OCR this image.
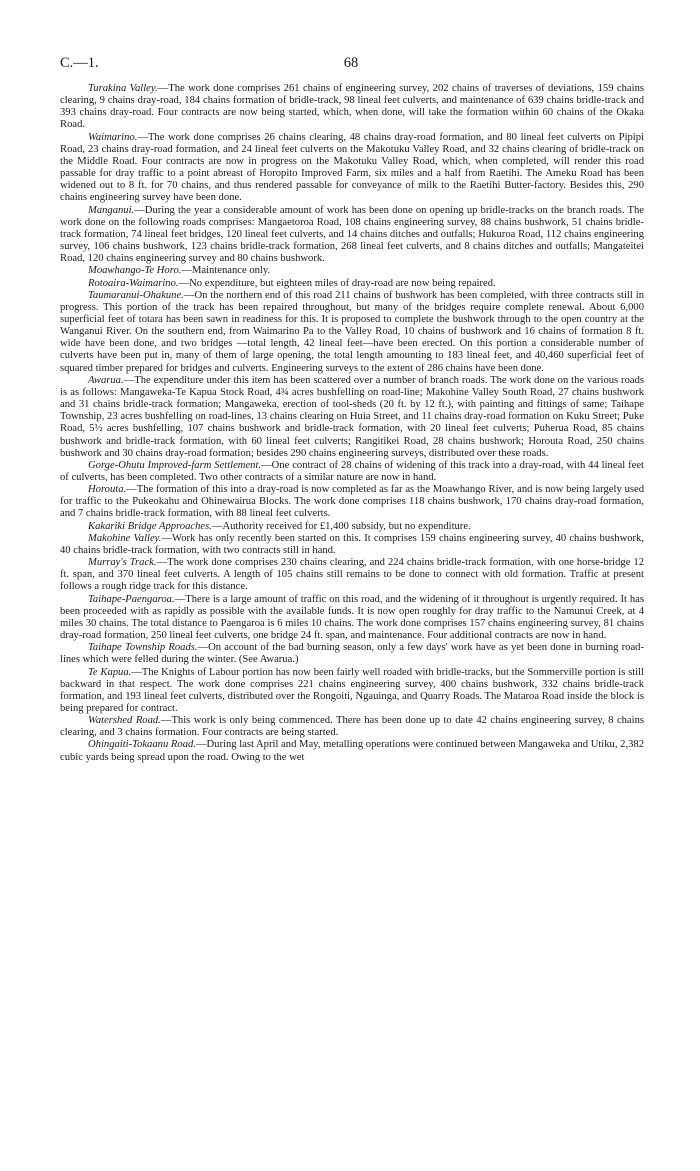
C.—1.	68

Turakina Valley.—The work done comprises 261 chains of engineering survey, 202 chains of traverses of deviations, 159 chains clearing, 9 chains dray-road, 184 chains formation of bridle-track, 98 lineal feet culverts, and maintenance of 639 chains bridle-track and 393 chains dray-road. Four contracts are now being started, which, when done, will take the formation within 60 chains of the Okaka Road.

Waimarino.—The work done comprises 26 chains clearing, 48 chains dray-road formation, and 80 lineal feet culverts on Pipipi Road, 23 chains dray-road formation, and 24 lineal feet culverts on the Makotuku Valley Road, and 32 chains clearing of bridle-track on the Middle Road. Four contracts are now in progress on the Makotuku Valley Road, which, when completed, will render this road passable for dray traffic to a point abreast of Horopito Improved Farm, six miles and a half from Raetihi. The Ameku Road has been widened out to 8 ft. for 70 chains, and thus rendered passable for conveyance of milk to the Raetihi Butter-factory. Besides this, 290 chains engineering survey have been done.

Manganui.—During the year a considerable amount of work has been done on opening up bridle-tracks on the branch roads. The work done on the following roads comprises: Mangaetoroa Road, 108 chains engineering survey, 88 chains bushwork, 51 chains bridle-track formation, 74 lineal feet bridges, 120 lineal feet culverts, and 14 chains ditches and outfalls; Hukuroa Road, 112 chains engineering survey, 106 chains bushwork, 123 chains bridle-track formation, 268 lineal feet culverts, and 8 chains ditches and outfalls; Mangateitei Road, 120 chains engineering survey and 80 chains bushwork.

Moawhango-Te Horo.—Maintenance only.

Rotoaira-Waimarino.—No expenditure, but eighteen miles of dray-road are now being repaired.

Taumaranui-Ohakune.—On the northern end of this road 211 chains of bushwork has been completed, with three contracts still in progress. This portion of the track has been repaired throughout, but many of the bridges require complete renewal. About 6,000 superficial feet of totara has been sawn in readiness for this. It is proposed to complete the bushwork through to the open country at the Wanganui River. On the southern end, from Waimarino Pa to the Valley Road, 10 chains of bushwork and 16 chains of formation 8 ft. wide have been done, and two bridges —total length, 42 lineal feet—have been erected. On this portion a considerable number of culverts have been put in, many of them of large opening, the total length amounting to 183 lineal feet, and 40,460 superficial feet of squared timber prepared for bridges and culverts. Engineering surveys to the extent of 286 chains have been done.

Awarua.—The expenditure under this item has been scattered over a number of branch roads. The work done on the various roads is as follows: Mangaweka-Te Kapua Stock Road, 4¾ acres bushfelling on road-line; Makohine Valley South Road, 27 chains bushwork and 31 chains bridle-track formation; Mangaweka, erection of tool-sheds (20 ft. by 12 ft.), with painting and fittings of same; Taihape Township, 23 acres bushfelling on road-lines, 13 chains clearing on Huia Street, and 11 chains dray-road formation on Kuku Street; Puke Road, 5½ acres bushfelling, 107 chains bushwork and bridle-track formation, with 20 lineal feet culverts; Puherua Road, 85 chains bushwork and bridle-track formation, with 60 lineal feet culverts; Rangitikei Road, 28 chains bushwork; Horouta Road, 250 chains bushwork and 30 chains dray-road formation; besides 290 chains engineering surveys, distributed over these roads.

Gorge-Ohutu Improved-farm Settlement.—One contract of 28 chains of widening of this track into a dray-road, with 44 lineal feet of culverts, has been completed. Two other contracts of a similar nature are now in hand.

Horouta.—The formation of this into a dray-road is now completed as far as the Moawhango River, and is now being largely used for traffic to the Pukeokahu and Ohinewairua Blocks. The work done comprises 118 chains bushwork, 170 chains dray-road formation, and 7 chains bridle-track formation, with 88 lineal feet culverts.

Kakariki Bridge Approaches.—Authority received for £1,400 subsidy, but no expenditure.

Makohine Valley.—Work has only recently been started on this. It comprises 159 chains engineering survey, 40 chains bushwork, 40 chains bridle-track formation, with two contracts still in hand.

Murray's Track.—The work done comprises 230 chains clearing, and 224 chains bridle-track formation, with one horse-bridge 12 ft. span, and 370 lineal feet culverts. A length of 105 chains still remains to be done to connect with old formation. Traffic at present follows a rough ridge track for this distance.

Taihape-Paengaroa.—There is a large amount of traffic on this road, and the widening of it throughout is urgently required. It has been proceeded with as rapidly as possible with the available funds. It is now open roughly for dray traffic to the Namunui Creek, at 4 miles 30 chains. The total distance to Paengaroa is 6 miles 10 chains. The work done comprises 157 chains engineering survey, 81 chains dray-road formation, 250 lineal feet culverts, one bridge 24 ft. span, and maintenance. Four additional contracts are now in hand.

Taihape Township Roads.—On account of the bad burning season, only a few days' work have as yet been done in burning road-lines which were felled during the winter. (See Awarua.)

Te Kapua.—The Knights of Labour portion has now been fairly well roaded with bridle-tracks, but the Sommerville portion is still backward in that respect. The work done comprises 221 chains engineering survey, 400 chains bushwork, 332 chains bridle-track formation, and 193 lineal feet culverts, distributed over the Rongoiti, Ngauinga, and Quarry Roads. The Mataroa Road inside the block is being prepared for contract.

Watershed Road.—This work is only being commenced. There has been done up to date 42 chains engineering survey, 8 chains clearing, and 3 chains formation. Four contracts are being started.

Ohingaiti-Tokaanu Road.—During last April and May, metalling operations were continued between Mangaweka and Utiku, 2,382 cubic yards being spread upon the road. Owing to the wet
